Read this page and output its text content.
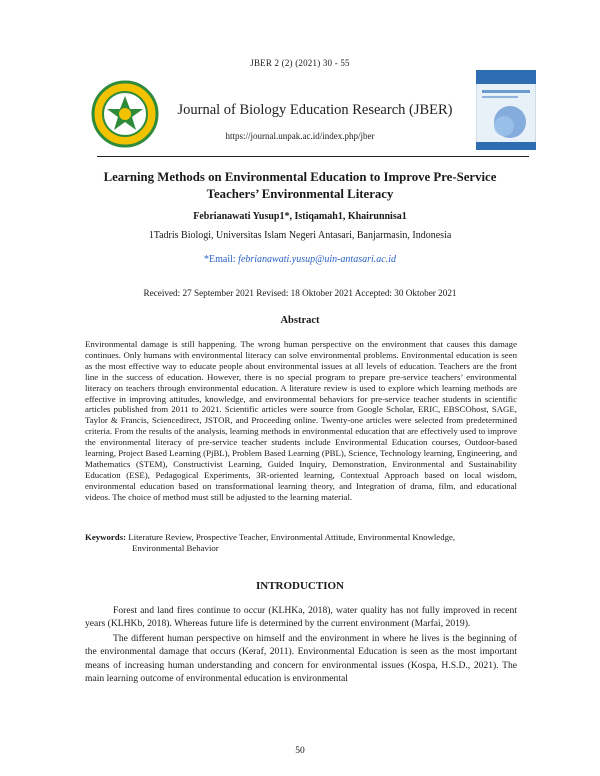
JBER 2 (2) (2021) 30 - 55
Journal of Biology Education Research (JBER)
https://journal.unpak.ac.id/index.php/jber
Learning Methods on Environmental Education to Improve Pre-Service Teachers’ Environmental Literacy
Febrianawati Yusup1*, Istiqamah1, Khairunnisa1
1Tadris Biologi, Universitas Islam Negeri Antasari, Banjarmasin, Indonesia
*Email: febrianawati.yusup@uin-antasari.ac.id
Received: 27 September 2021 Revised: 18 Oktober 2021 Accepted: 30 Oktober 2021
Abstract
Environmental damage is still happening. The wrong human perspective on the environment that causes this damage continues. Only humans with environmental literacy can solve environmental problems. Environmental education is seen as the most effective way to educate people about environmental issues at all levels of education. Teachers are the front line in the success of education. However, there is no special program to prepare pre-service teachers’ environmental literacy on teachers through environmental education. A literature review is used to explore which learning methods are effective in improving attitudes, knowledge, and environmental behaviors for pre-service teacher students in scientific articles published from 2011 to 2021. Scientific articles were source from Google Scholar, ERIC, EBSCOhost, SAGE, Taylor & Francis, Sciencedirect, JSTOR, and Proceeding online. Twenty-one articles were selected from predetermined criteria. From the results of the analysis, learning methods in environmental education that are effectively used to improve the environmental literacy of pre-service teacher students include Environmental Education courses, Outdoor-based learning, Project Based Learning (PjBL), Problem Based Learning (PBL), Science, Technology learning, Engineering, and Mathematics (STEM), Constructivist Learning, Guided Inquiry, Demonstration, Environmental and Sustainability Education (ESE), Pedagogical Experiments, 3R-oriented learning, Contextual Approach based on local wisdom, environmental education based on transformational learning theory, and Integration of drama, film, and educational videos. The choice of method must still be adjusted to the learning material.
Keywords: Literature Review, Prospective Teacher, Environmental Attitude, Environmental Knowledge,
Environmental Behavior
INTRODUCTION

Forest and land fires continue to occur (KLHKa, 2018), water quality has not fully improved in recent years (KLHKb, 2018). Whereas future life is determined by the current environment (Marfai, 2019).

The different human perspective on himself and the environment in where he lives is the beginning of the environmental damage that occurs (Keraf, 2011). Environmental Education is seen as the most important means of increasing human understanding and concern for environmental issues (Kospa, H.S.D., 2021). The main learning outcome of environmental education is environmental

50
